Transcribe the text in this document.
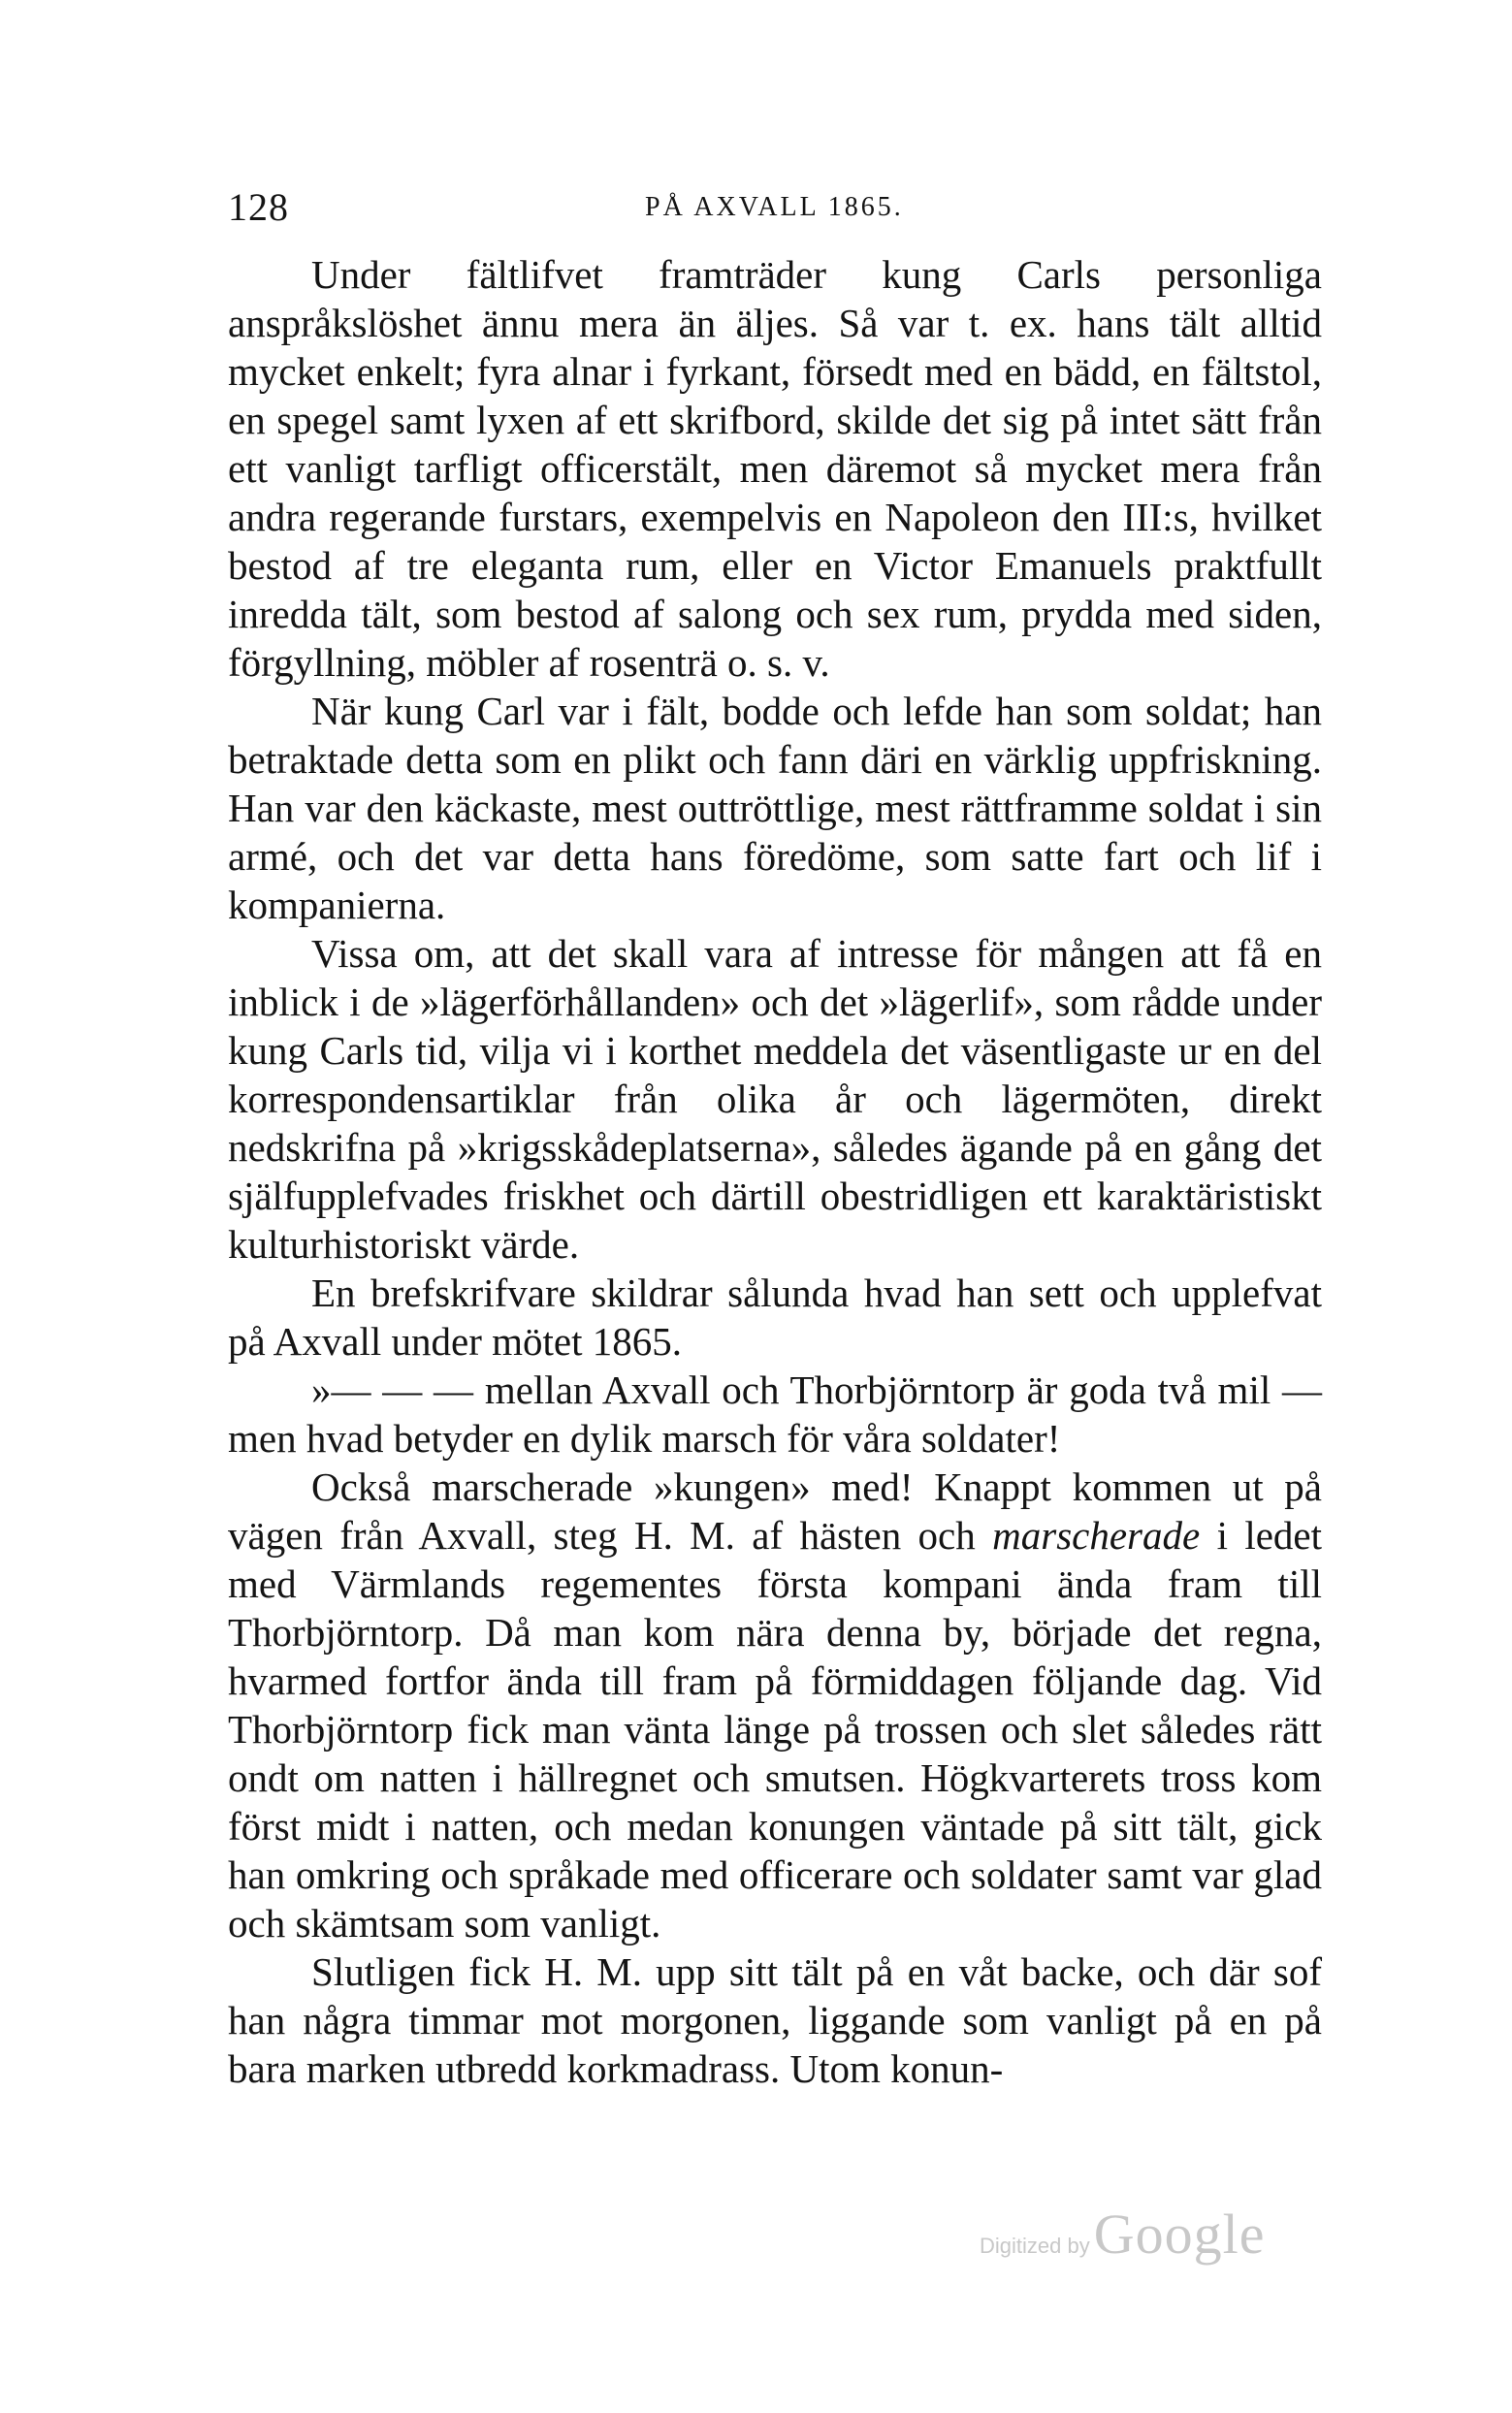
128	PÅ AXVALL 1865.

Under fältlifvet framträder kung Carls personliga anspråkslöshet ännu mera än äljes. Så var t. ex. hans tält alltid mycket enkelt; fyra alnar i fyrkant, försedt med en bädd, en fältstol, en spegel samt lyxen af ett skrifbord, skilde det sig på intet sätt från ett vanligt tarfligt officerstält, men däremot så mycket mera från andra regerande furstars, exempelvis en Napoleon den III:s, hvilket bestod af tre eleganta rum, eller en Victor Emanuels praktfullt inredda tält, som bestod af salong och sex rum, prydda med siden, förgyllning, möbler af rosenträ o. s. v.

När kung Carl var i fält, bodde och lefde han som soldat; han betraktade detta som en plikt och fann däri en värklig uppfriskning. Han var den käckaste, mest outtröttlige, mest rättframme soldat i sin armé, och det var detta hans föredöme, som satte fart och lif i kompanierna.

Vissa om, att det skall vara af intresse för mången att få en inblick i de »lägerförhållanden» och det »lägerlif», som rådde under kung Carls tid, vilja vi i korthet meddela det väsentligaste ur en del korrespondensartiklar från olika år och lägermöten, direkt nedskrifna på »krigsskådeplatserna», således ägande på en gång det själfupplefvades friskhet och därtill obestridligen ett karaktäristiskt kulturhistoriskt värde.

En brefskrifvare skildrar sålunda hvad han sett och upplefvat på Axvall under mötet 1865.

»— — — mellan Axvall och Thorbjörntorp är goda två mil — men hvad betyder en dylik marsch för våra soldater!

Också marscherade »kungen» med! Knappt kommen ut på vägen från Axvall, steg H. M. af hästen och marscherade i ledet med Värmlands regementes första kompani ända fram till Thorbjörntorp. Då man kom nära denna by, började det regna, hvarmed fortfor ända till fram på förmiddagen följande dag. Vid Thorbjörntorp fick man vänta länge på trossen och slet således rätt ondt om natten i hällregnet och smutsen. Högkvarterets tross kom först midt i natten, och medan konungen väntade på sitt tält, gick han omkring och språkade med officerare och soldater samt var glad och skämtsam som vanligt.

Slutligen fick H. M. upp sitt tält på en våt backe, och där sof han några timmar mot morgonen, liggande som vanligt på en på bara marken utbredd korkmadrass. Utom konun-

Digitized by Google
